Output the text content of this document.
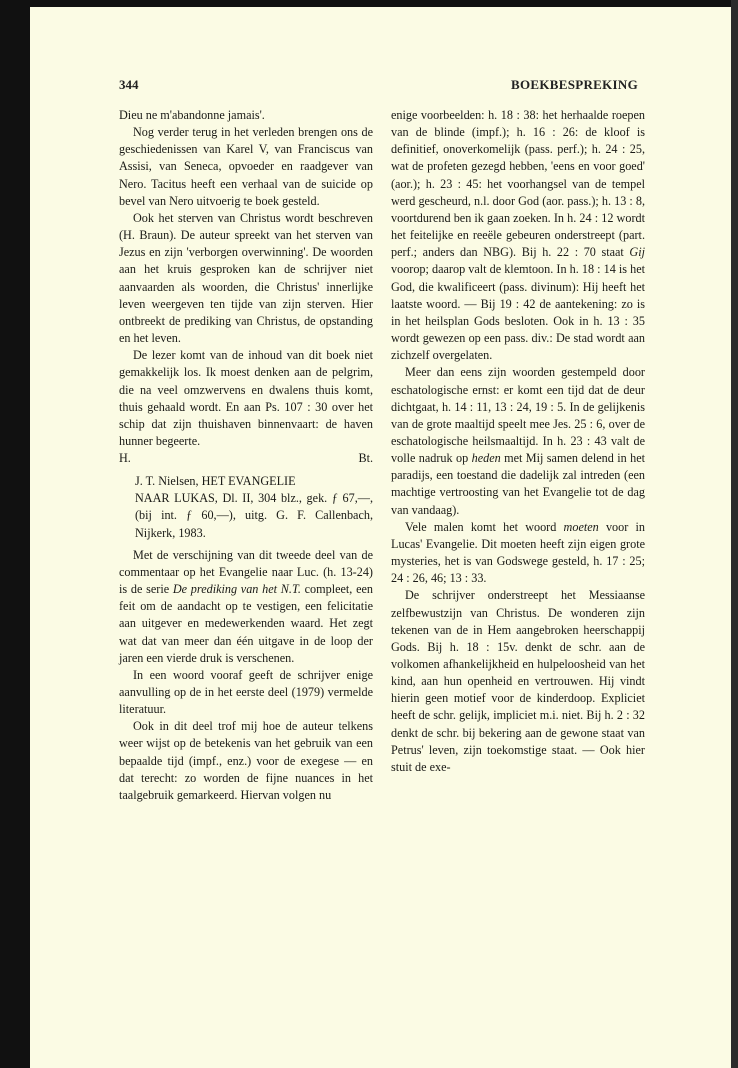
344	BOEKBESPREKING

Dieu ne m'abandonne jamais'.

Nog verder terug in het verleden brengen ons de geschiedenissen van Karel V, van Franciscus van Assisi, van Seneca, opvoeder en raadgever van Nero. Tacitus heeft een verhaal van de suicide op bevel van Nero uitvoerig te boek gesteld.

Ook het sterven van Christus wordt beschreven (H. Braun). De auteur spreekt van het sterven van Jezus en zijn 'verborgen overwinning'. De woorden aan het kruis gesproken kan de schrijver niet aanvaarden als woorden, die Christus' innerlijke leven weergeven ten tijde van zijn sterven. Hier ontbreekt de prediking van Christus, de opstanding en het leven.

De lezer komt van de inhoud van dit boek niet gemakkelijk los. Ik moest denken aan de pelgrim, die na veel omzwervens en dwalens thuis komt, thuis gehaald wordt. En aan Ps. 107 : 30 over het schip dat zijn thuishaven binnenvaart: de haven hunner begeerte.

H.	Bt.

J. T. Nielsen, HET EVANGELIE
NAAR LUKAS, Dl. II, 304 blz., gek. ƒ 67,—, (bij int. ƒ 60,—), uitg. G. F. Callenbach, Nijkerk, 1983.

Met de verschijning van dit tweede deel van de commentaar op het Evangelie naar Luc. (h. 13-24) is de serie De prediking van het N.T. compleet, een feit om de aandacht op te vestigen, een felicitatie aan uitgever en medewerkenden waard. Het zegt wat dat van meer dan één uitgave in de loop der jaren een vierde druk is verschenen.

In een woord vooraf geeft de schrijver enige aanvulling op de in het eerste deel (1979) vermelde literatuur.

Ook in dit deel trof mij hoe de auteur telkens weer wijst op de betekenis van het gebruik van een bepaalde tijd (impf., enz.) voor de exegese — en dat terecht: zo worden de fijne nuances in het taalgebruik gemarkeerd. Hiervan volgen nu

enige voorbeelden: h. 18 : 38: het herhaalde roepen van de blinde (impf.); h. 16 : 26: de kloof is definitief, onoverkomelijk (pass. perf.); h. 24 : 25, wat de profeten gezegd hebben, 'eens en voor goed' (aor.); h. 23 : 45: het voorhangsel van de tempel werd gescheurd, n.l. door God (aor. pass.); h. 13 : 8, voortdurend ben ik gaan zoeken. In h. 24 : 12 wordt het feitelijke en reeële gebeuren onderstreept (part. perf.; anders dan NBG). Bij h. 22 : 70 staat Gij voorop; daarop valt de klemtoon. In h. 18 : 14 is het God, die kwalificeert (pass. divinum): Hij heeft het laatste woord. — Bij 19 : 42 de aantekening: zo is in het heilsplan Gods besloten. Ook in h. 13 : 35 wordt gewezen op een pass. div.: De stad wordt aan zichzelf overgelaten.

Meer dan eens zijn woorden gestempeld door eschatologische ernst: er komt een tijd dat de deur dichtgaat, h. 14 : 11, 13 : 24, 19 : 5. In de gelijkenis van de grote maaltijd speelt mee Jes. 25 : 6, over de eschatologische heilsmaaltijd. In h. 23 : 43 valt de volle nadruk op heden met Mij samen delend in het paradijs, een toestand die dadelijk zal intreden (een machtige vertroosting van het Evangelie tot de dag van vandaag).

Vele malen komt het woord moeten voor in Lucas' Evangelie. Dit moeten heeft zijn eigen grote mysteries, het is van Godswege gesteld, h. 17 : 25; 24 : 26, 46; 13 : 33.

De schrijver onderstreept het Messiaanse zelfbewustzijn van Christus. De wonderen zijn tekenen van de in Hem aangebroken heerschappij Gods. Bij h. 18 : 15v. denkt de schr. aan de volkomen afhankelijkheid en hulpeloosheid van het kind, aan hun openheid en vertrouwen. Hij vindt hierin geen motief voor de kinderdoop. Expliciet heeft de schr. gelijk, impliciet m.i. niet. Bij h. 2 : 32 denkt de schr. bij bekering aan de gewone staat van Petrus' leven, zijn toekomstige staat. — Ook hier stuit de exe-
